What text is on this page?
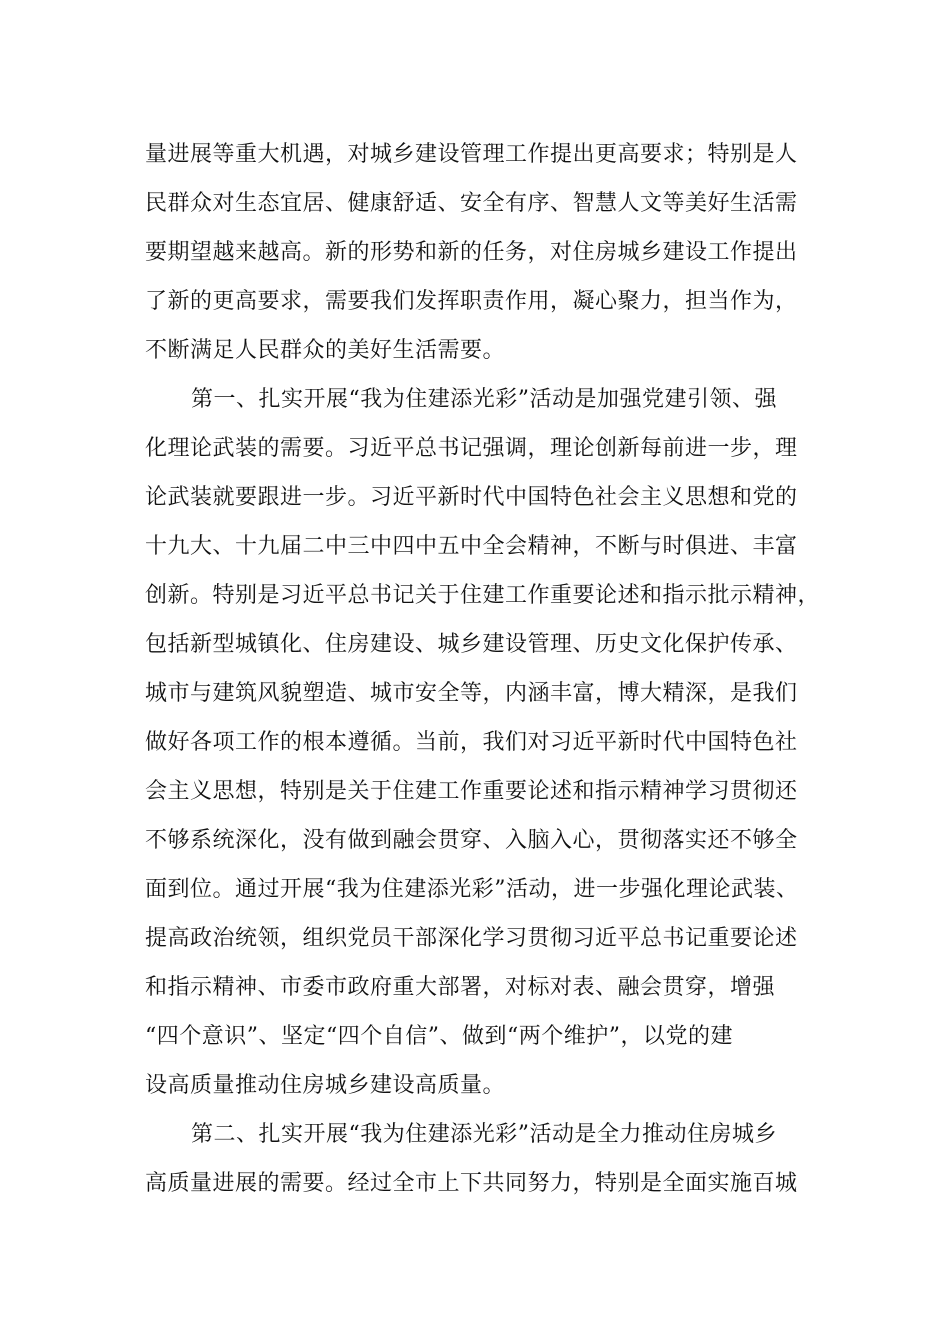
量进展等重大机遇，对城乡建设管理工作提出更高要求；特别是人
民群众对生态宜居、健康舒适、安全有序、智慧人文等美好生活需
要期望越来越高。新的形势和新的任务，对住房城乡建设工作提出
了新的更高要求，需要我们发挥职责作用，凝心聚力，担当作为，
不断满足人民群众的美好生活需要。
第一、扎实开展“我为住建添光彩”活动是加强党建引领、强
化理论武装的需要。习近平总书记强调，理论创新每前进一步，理
论武装就要跟进一步。习近平新时代中国特色社会主义思想和党的
十九大、十九届二中三中四中五中全会精神，不断与时俱进、丰富
创新。特别是习近平总书记关于住建工作重要论述和指示批示精神，
包括新型城镇化、住房建设、城乡建设管理、历史文化保护传承、
城市与建筑风貌塑造、城市安全等，内涵丰富，博大精深，是我们
做好各项工作的根本遵循。当前，我们对习近平新时代中国特色社
会主义思想，特别是关于住建工作重要论述和指示精神学习贯彻还
不够系统深化，没有做到融会贯穿、入脑入心，贯彻落实还不够全
面到位。通过开展“我为住建添光彩”活动，进一步强化理论武装、
提高政治统领，组织党员干部深化学习贯彻习近平总书记重要论述
和指示精神、市委市政府重大部署，对标对表、融会贯穿，增强
“四个意识”、坚定“四个自信”、做到“两个维护”，以党的建
设高质量推动住房城乡建设高质量。
第二、扎实开展“我为住建添光彩”活动是全力推动住房城乡
高质量进展的需要。经过全市上下共同努力，特别是全面实施百城
